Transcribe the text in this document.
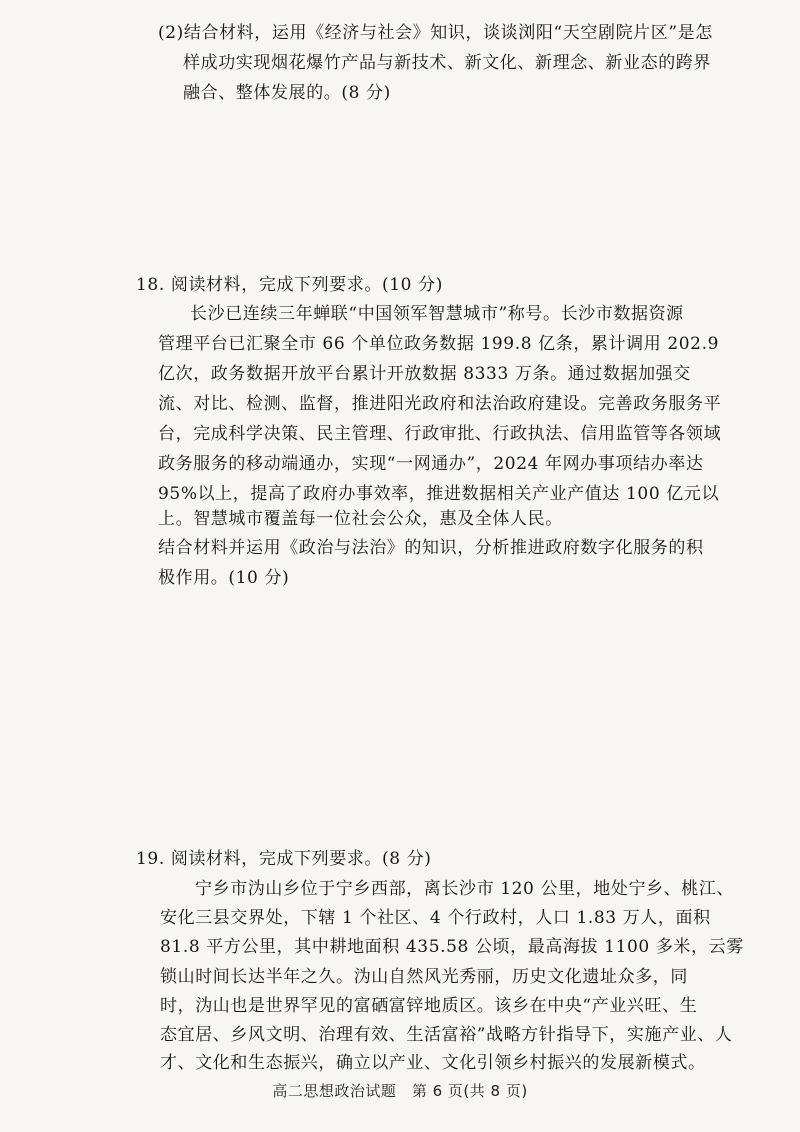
(2)结合材料，运用《经济与社会》知识，谈谈浏阳“天空剧院片区”是怎
样成功实现烟花爆竹产品与新技术、新文化、新理念、新业态的跨界
融合、整体发展的。(8 分)
18. 阅读材料，完成下列要求。(10 分)
长沙已连续三年蝉联“中国领军智慧城市”称号。长沙市数据资源
管理平台已汇聚全市 66 个单位政务数据 199.8 亿条，累计调用 202.9
亿次，政务数据开放平台累计开放数据 8333 万条。通过数据加强交
流、对比、检测、监督，推进阳光政府和法治政府建设。完善政务服务平
台，完成科学决策、民主管理、行政审批、行政执法、信用监管等各领域
政务服务的移动端通办，实现“一网通办”，2024 年网办事项结办率达
95%以上，提高了政府办事效率，推进数据相关产业产值达 100 亿元以
上。智慧城市覆盖每一位社会公众，惠及全体人民。
结合材料并运用《政治与法治》的知识，分析推进政府数字化服务的积
极作用。(10 分)
19. 阅读材料，完成下列要求。(8 分)
宁乡市沩山乡位于宁乡西部，离长沙市 120 公里，地处宁乡、桃江、
安化三县交界处，下辖 1 个社区、4 个行政村，人口 1.83 万人，面积
81.8 平方公里，其中耕地面积 435.58 公顷，最高海拔 1100 多米，云雾
锁山时间长达半年之久。沩山自然风光秀丽，历史文化遗址众多，同
时，沩山也是世界罕见的富硒富锌地质区。该乡在中央“产业兴旺、生
态宜居、乡风文明、治理有效、生活富裕”战略方针指导下，实施产业、人
才、文化和生态振兴，确立以产业、文化引领乡村振兴的发展新模式。
高二思想政治试题　第 6 页(共 8 页)
